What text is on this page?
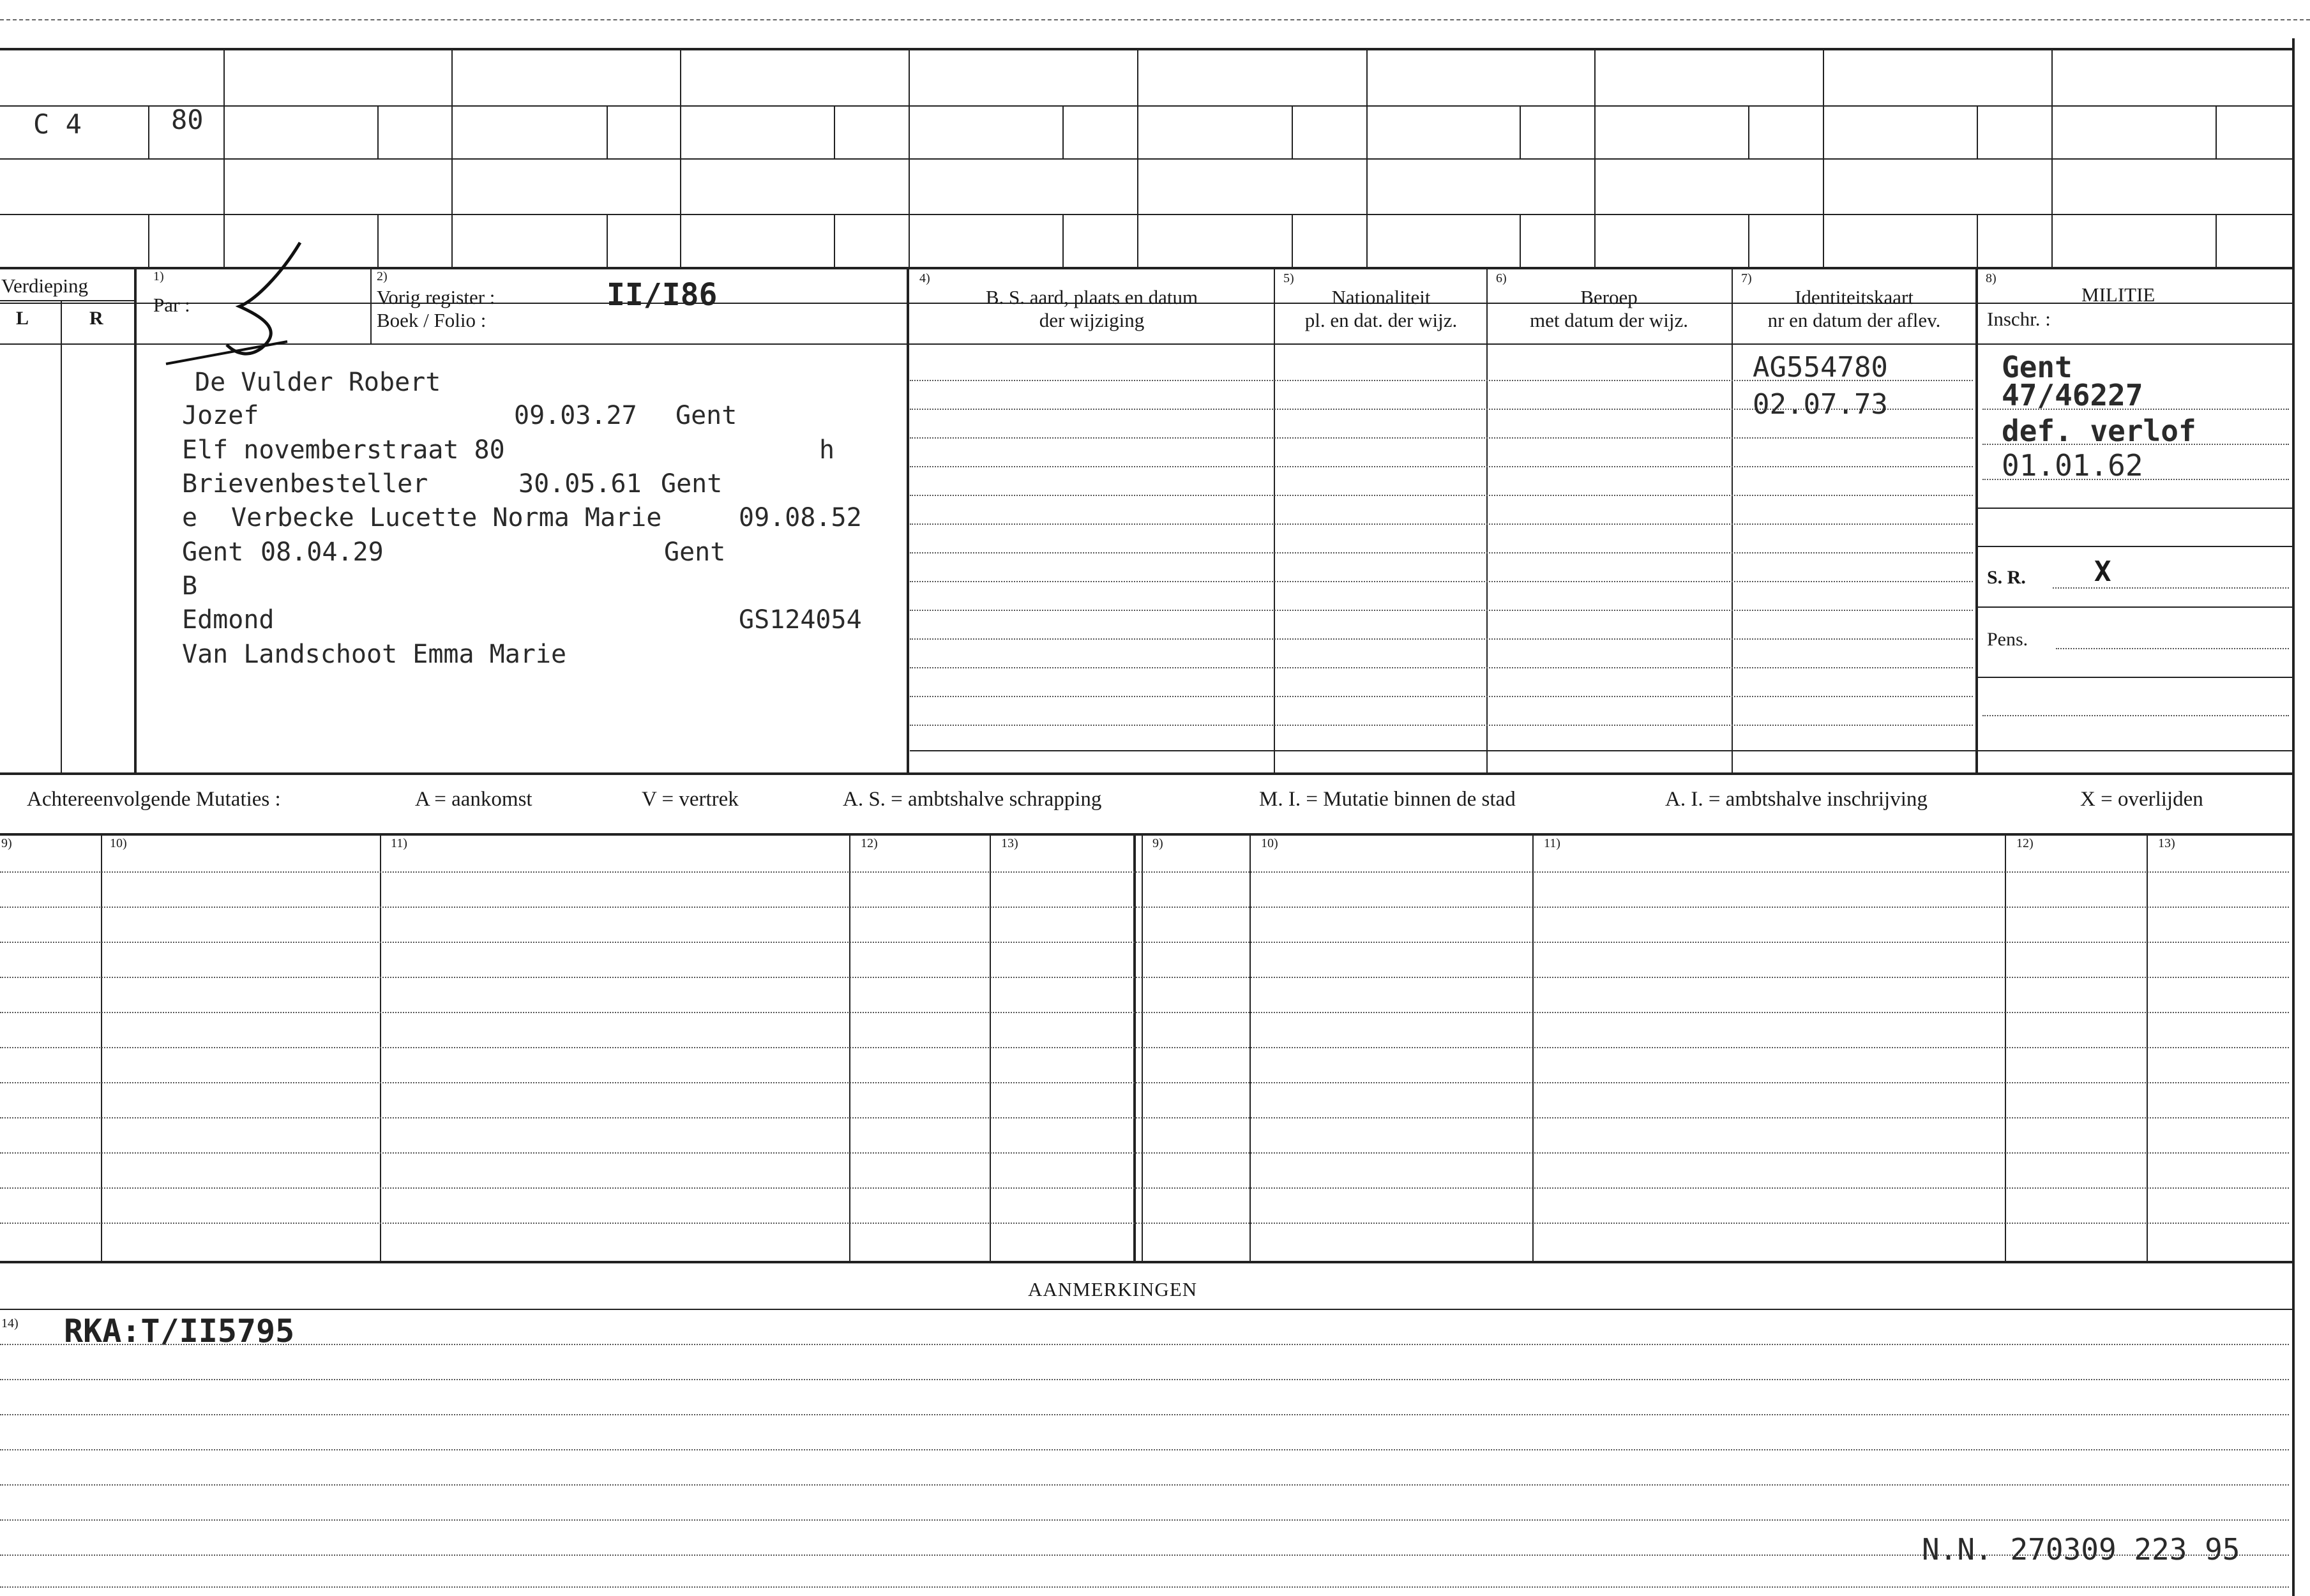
C 4	80
Verdieping
L	R
1)
Par :
2)
Vorig register :
Boek / Folio :
II/I86	4)
B. S. aard, plaats en datum
der wijziging
5)
Nationaliteit
pl. en dat. der wijz.
6)
Beroep
met datum der wijz.
7)
Identiteitskaart
nr en datum der aflev.
8)
MILITIE
Inschr. :
De Vulder Robert
Jozef	09.03.27 Gent
Elf novemberstraat 80	h
Brievenbesteller	30.05.61 Gent
e Verbecke Lucette Norma Marie	09.08.52
Gent 08.04.29	Gent
B
Edmond	GS124054
Van Landschoot Emma Marie
AG554780
02.07.73
Gent
47/46227
def. verlof
01.01.62
S. R. X
Pens.
Achtereenvolgende Mutaties :	A = aankomst	V = vertrek	A. S. = ambtshalve schrapping	M. I. = Mutatie binnen de stad	A. I. = ambtshalve inschrijving	X = overlijden
9)	10)	11)	12)	13)	9)	10)	11)	12)	13)
AANMERKINGEN
14) RKA:T/II5795
N.N. 270309 223 95
